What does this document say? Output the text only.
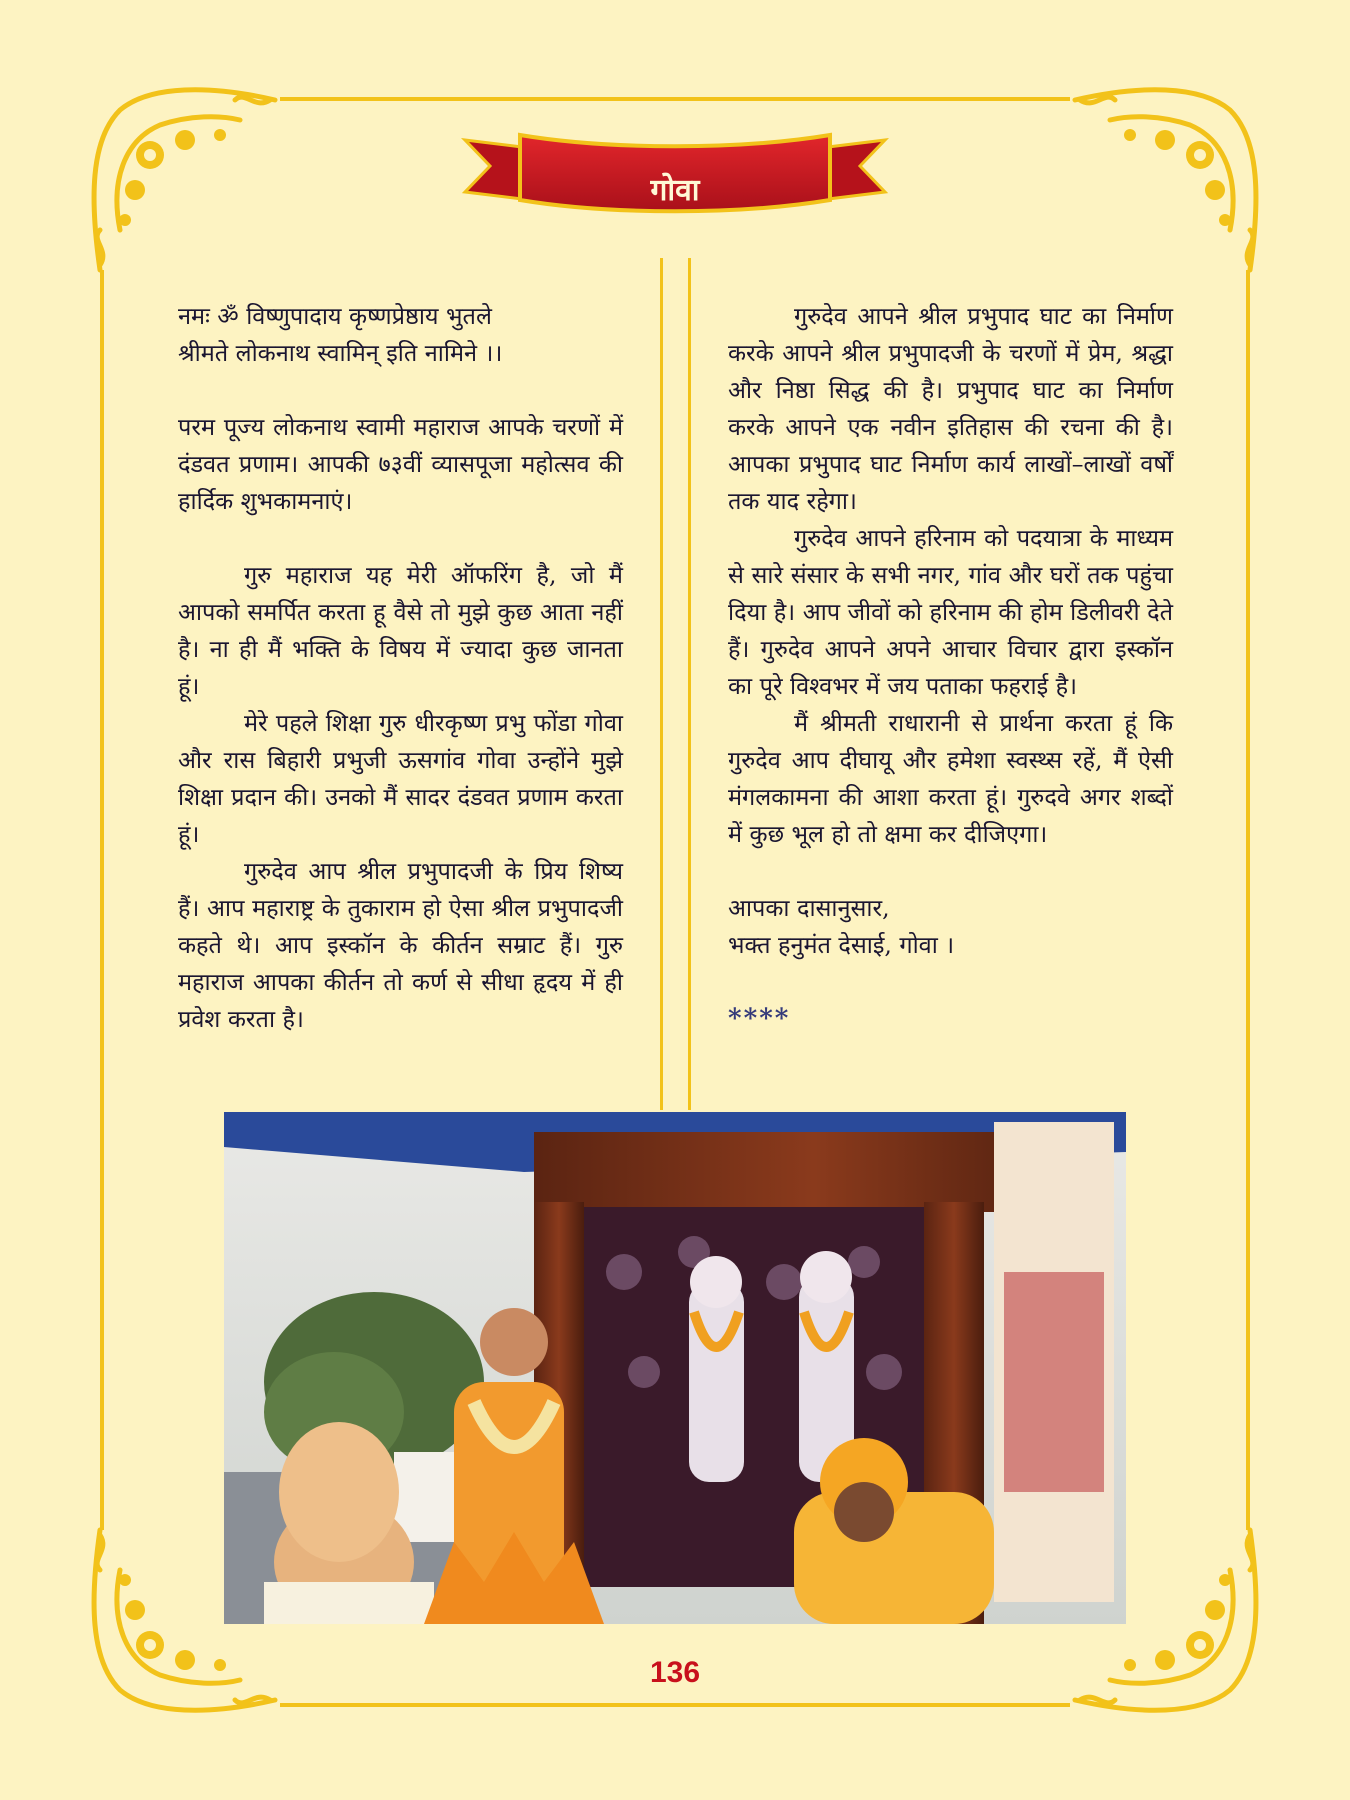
गोवा

नमः ॐ विष्णुपादाय कृष्णप्रेष्ठाय भुतले

श्रीमते लोकनाथ स्वामिन् इति नामिने ।।

परम पूज्य लोकनाथ स्वामी महाराज आपके चरणों में दंडवत प्रणाम। आपकी ७३वीं व्यासपूजा महोत्सव की हार्दिक शुभकामनाएं।

गुरु महाराज यह मेरी ऑफरिंग है, जो मैं आपको समर्पित करता हू वैसे तो मुझे कुछ आता नहीं है। ना ही मैं भक्ति के विषय में ज्यादा कुछ जानता हूं।

मेरे पहले शिक्षा गुरु धीरकृष्ण प्रभु फोंडा गोवा और रास बिहारी प्रभुजी ऊसगांव गोवा उन्होंने मुझे शिक्षा प्रदान की। उनको मैं सादर दंडवत प्रणाम करता हूं।

गुरुदेव आप श्रील प्रभुपादजी के प्रिय शिष्य हैं। आप महाराष्ट्र के तुकाराम हो ऐसा श्रील प्रभुपादजी कहते थे। आप इस्कॉन के कीर्तन सम्राट हैं। गुरु महाराज आपका कीर्तन तो कर्ण से सीधा हृदय में ही प्रवेश करता है।

गुरुदेव आपने श्रील प्रभुपाद घाट का निर्माण करके आपने श्रील प्रभुपादजी के चरणों में प्रेम, श्रद्धा और निष्ठा सिद्ध की है। प्रभुपाद घाट का निर्माण करके आपने एक नवीन इतिहास की रचना की है। आपका प्रभुपाद घाट निर्माण कार्य लाखों–लाखों वर्षों तक याद रहेगा।

गुरुदेव आपने हरिनाम को पदयात्रा के माध्यम से सारे संसार के सभी नगर, गांव और घरों तक पहुंचा दिया है। आप जीवों को हरिनाम की होम डिलीवरी देते हैं। गुरुदेव आपने अपने आचार विचार द्वारा इस्कॉन का पूरे विश्वभर में जय पताका फहराई है।

मैं श्रीमती राधारानी से प्रार्थना करता हूं कि गुरुदेव आप दीघायू और हमेशा स्वस्थ्स रहें, मैं ऐसी मंगलकामना की आशा करता हूं। गुरुदवे अगर शब्दों में कुछ भूल हो तो क्षमा कर दीजिएगा।

आपका दासानुसार,

भक्त हनुमंत देसाई, गोवा ।

****

136
